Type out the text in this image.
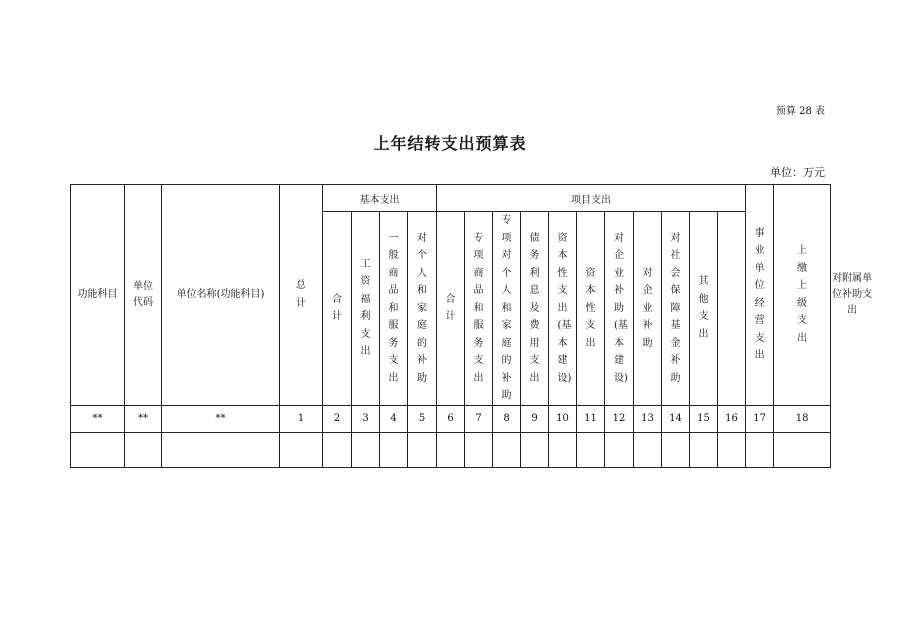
预算 28 表
上年结转支出预算表
单位：万元
功能科目	单位代码	单位名称(功能科目)	总计	基本支出				项目支出											事业单位经营支出	上缴上级支出	对附属单位补助支出
				合计	工资福利支出	一般商品和服务支出	对个人和家庭的补助	合计	专项商品和服务支出	专项对个人和家庭的补助	债务利息及费用支出	资本性支出(基本建设)	资本性支出	对企业补助(基本建设)	对企业补助	对社会保障基金补助	其他支出				
**	**	**	1	2	3	4	5	6	7	8	9	10	11	12	13	14	15	16	17	18	
